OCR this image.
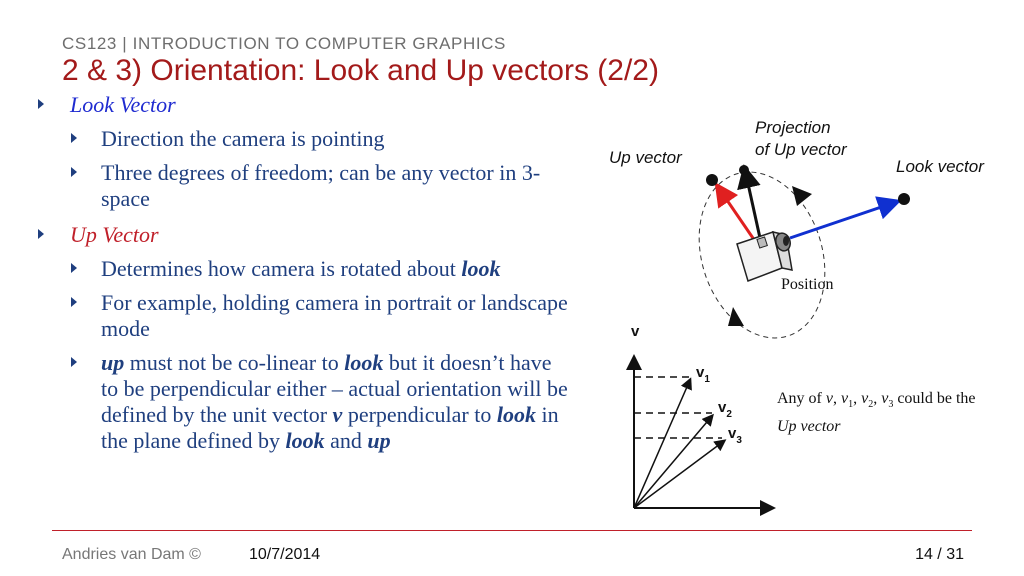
CS123 | INTRODUCTION TO COMPUTER GRAPHICS
2 & 3) Orientation: Look and Up vectors (2/2)
Look Vector
Direction the camera is pointing
Three degrees of freedom; can be any vector in 3-space
Up Vector
Determines how camera is rotated about look
For example, holding camera in portrait or landscape mode
up must not be co-linear to look but it doesn’t have to be perpendicular either – actual orientation will be defined by the unit vector v perpendicular to look in the plane defined by look and up
Up vector
Projection
of Up vector
Look vector
Position
v
$v_1$
$v_2$
$v_3$
Any of v, $v_1$, $v_2$, $v_3$ could be the Up vector
Andries van Dam ©	10/7/2014	14 / 31
